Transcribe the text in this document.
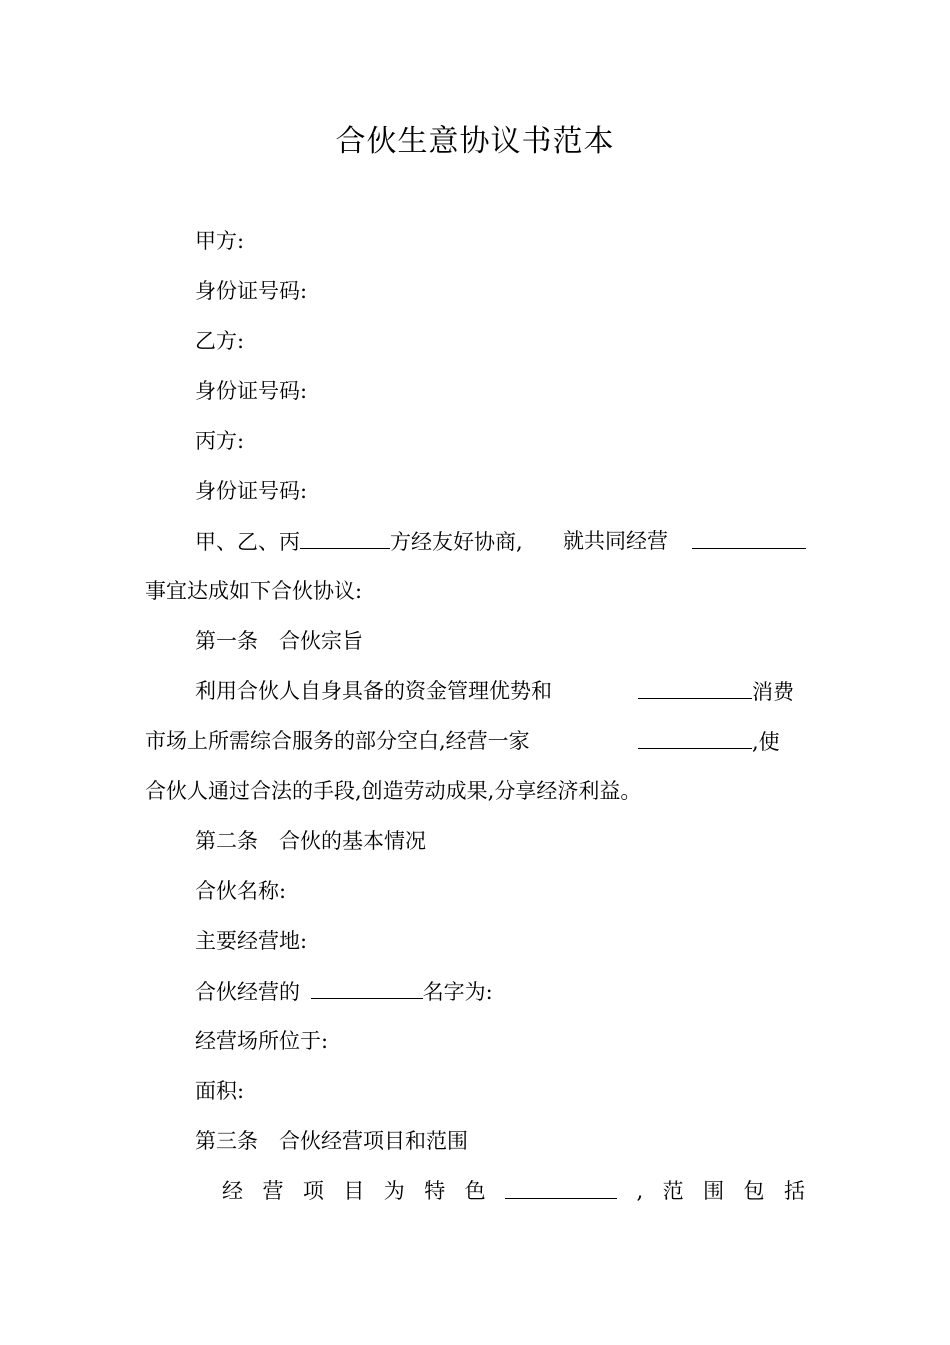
合伙生意协议书范本
甲方:
身份证号码:
乙方:
身份证号码:
丙方:
身份证号码:
甲、乙、丙	方经友好协商, 就共同经营
事宜达成如下合伙协议:
第一条　合伙宗旨
利用合伙人自身具备的资金管理优势和	消费
市场上所需综合服务的部分空白,经营一家	,使
合伙人通过合法的手段,创造劳动成果,分享经济利益。
第二条　合伙的基本情况
合伙名称:
主要经营地:
合伙经营的	名字为:
经营场所位于:
面积:
第三条　合伙经营项目和范围
经 营 项 目 为 特 色	, 范 围 包 括
